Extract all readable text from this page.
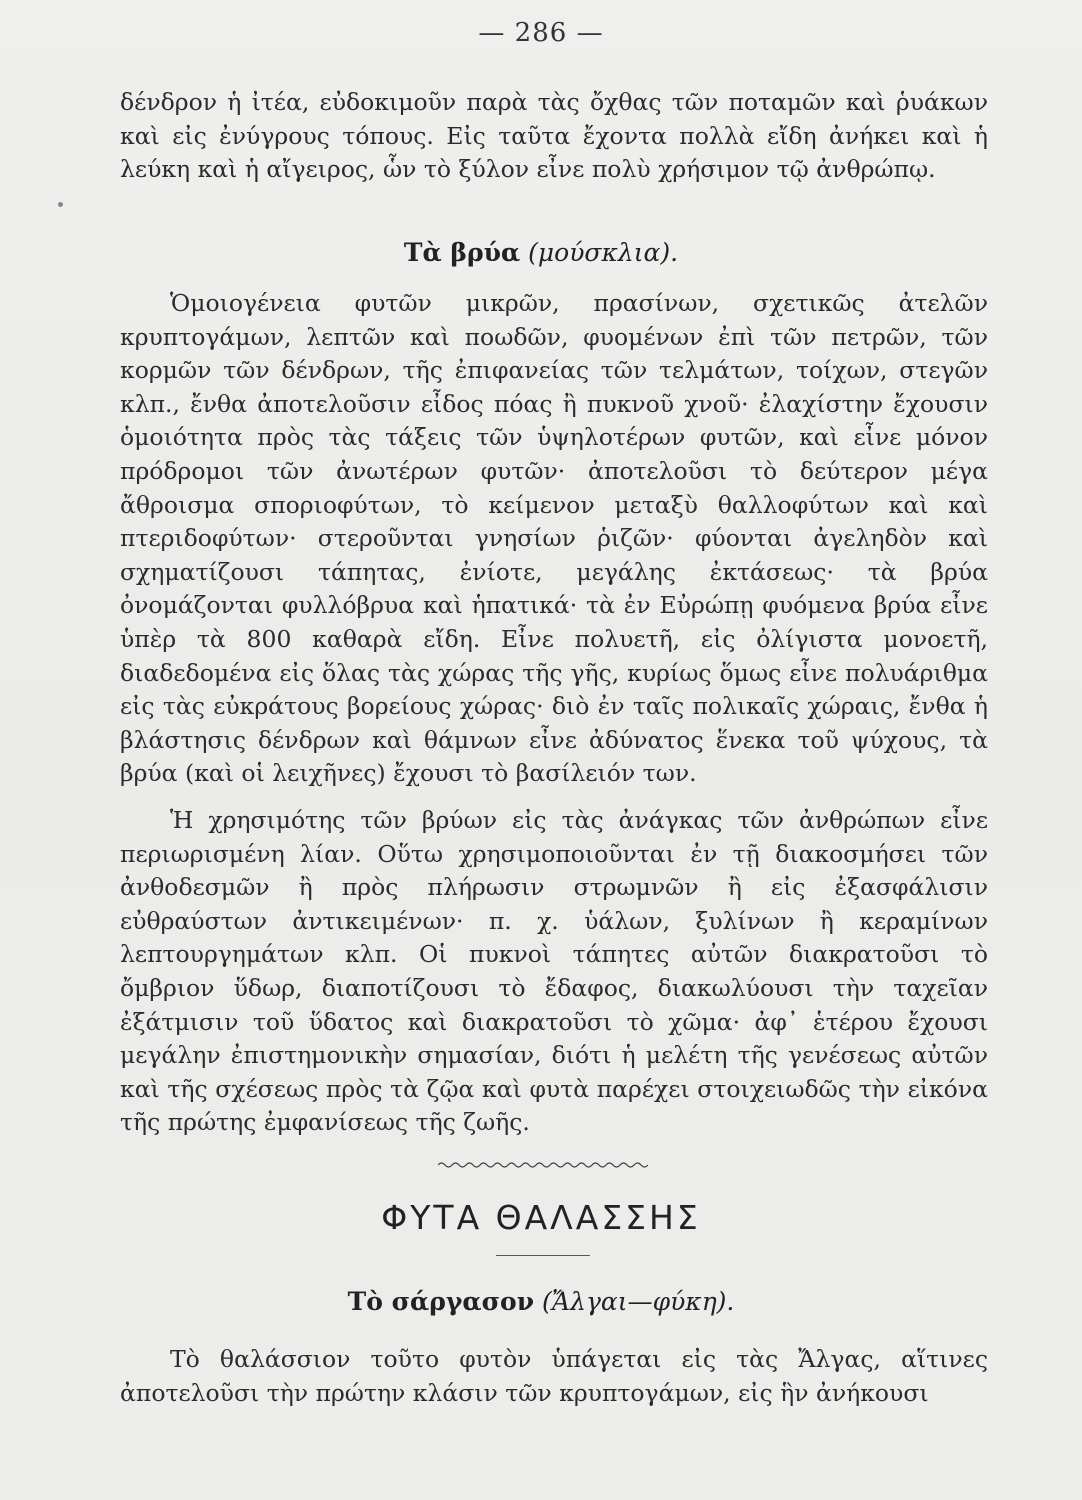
— 286 —
δένδρον ἡ ἰτέα, εὐδοκιμοῦν παρὰ τὰς ὄχθας τῶν ποταμῶν καὶ ῥυάκων καὶ εἰς ἐνύγρους τόπους. Εἰς ταῦτα ἔχοντα πολλὰ εἴδη ἀνήκει καὶ ἡ λεύκη καὶ ἡ αἴγειρος, ὧν τὸ ξύλον εἶνε πολὺ χρήσιμον τῷ ἀνθρώπῳ.
Τὰ βρύα (μούσκλια).
Ὁμοιογένεια φυτῶν μικρῶν, πρασίνων, σχετικῶς ἀτελῶν κρυπτογάμων, λεπτῶν καὶ ποωδῶν, φυομένων ἐπὶ τῶν πετρῶν, τῶν κορμῶν τῶν δένδρων, τῆς ἐπιφανείας τῶν τελμάτων, τοίχων, στεγῶν κλπ., ἔνθα ἀποτελοῦσιν εἶδος πόας ἢ πυκνοῦ χνοῦ· ἐλαχίστην ἔχουσιν ὁμοιότητα πρὸς τὰς τάξεις τῶν ὑψηλοτέρων φυτῶν, καὶ εἶνε μόνον πρόδρομοι τῶν ἀνωτέρων φυτῶν· ἀποτελοῦσι τὸ δεύτερον μέγα ἄθροισμα σποριοφύτων, τὸ κείμενον μεταξὺ θαλλοφύτων καὶ καὶ πτεριδοφύτων· στεροῦνται γνησίων ῥιζῶν· φύονται ἀγεληδὸν καὶ σχηματίζουσι τάπητας, ἐνίοτε, μεγάλης ἐκτάσεως· τὰ βρύα ὀνομάζονται φυλλόβρυα καὶ ἡπατικά· τὰ ἐν Εὐρώπῃ φυόμενα βρύα εἶνε ὑπὲρ τὰ 800 καθαρὰ εἴδη. Εἶνε πολυετῆ, εἰς ὀλίγιστα μονοετῆ, διαδεδομένα εἰς ὅλας τὰς χώρας τῆς γῆς, κυρίως ὅμως εἶνε πολυάριθμα εἰς τὰς εὐκράτους βορείους χώρας· διὸ ἐν ταῖς πολικαῖς χώραις, ἔνθα ἡ βλάστησις δένδρων καὶ θάμνων εἶνε ἀδύνατος ἕνεκα τοῦ ψύχους, τὰ βρύα (καὶ οἱ λειχῆνες) ἔχουσι τὸ βασίλειόν των.
Ἡ χρησιμότης τῶν βρύων εἰς τὰς ἀνάγκας τῶν ἀνθρώπων εἶνε περιωρισμένη λίαν. Οὕτω χρησιμοποιοῦνται ἐν τῇ διακοσμήσει τῶν ἀνθοδεσμῶν ἢ πρὸς πλήρωσιν στρωμνῶν ἢ εἰς ἐξασφάλισιν εὐθραύστων ἀντικειμένων· π. χ. ὑάλων, ξυλίνων ἢ κεραμίνων λεπτουργημάτων κλπ. Οἱ πυκνοὶ τάπητες αὐτῶν διακρατοῦσι τὸ ὄμβριον ὕδωρ, διαποτίζουσι τὸ ἔδαφος, διακωλύουσι τὴν ταχεῖαν ἐξάτμισιν τοῦ ὕδατος καὶ διακρατοῦσι τὸ χῶμα· ἀφ᾽ ἑτέρου ἔχουσι μεγάλην ἐπιστημονικὴν σημασίαν, διότι ἡ μελέτη τῆς γενέσεως αὐτῶν καὶ τῆς σχέσεως πρὸς τὰ ζῷα καὶ φυτὰ παρέχει στοιχειωδῶς τὴν εἰκόνα τῆς πρώτης ἐμφανίσεως τῆς ζωῆς.
ΦΥΤΑ ΘΑΛΑΣΣΗΣ
Τὸ σάργασον (Ἄλγαι—φύκη).
Τὸ θαλάσσιον τοῦτο φυτὸν ὑπάγεται εἰς τὰς Ἄλγας, αἵτινες ἀποτελοῦσι τὴν πρώτην κλάσιν τῶν κρυπτογάμων, εἰς ἣν ἀνήκουσι
